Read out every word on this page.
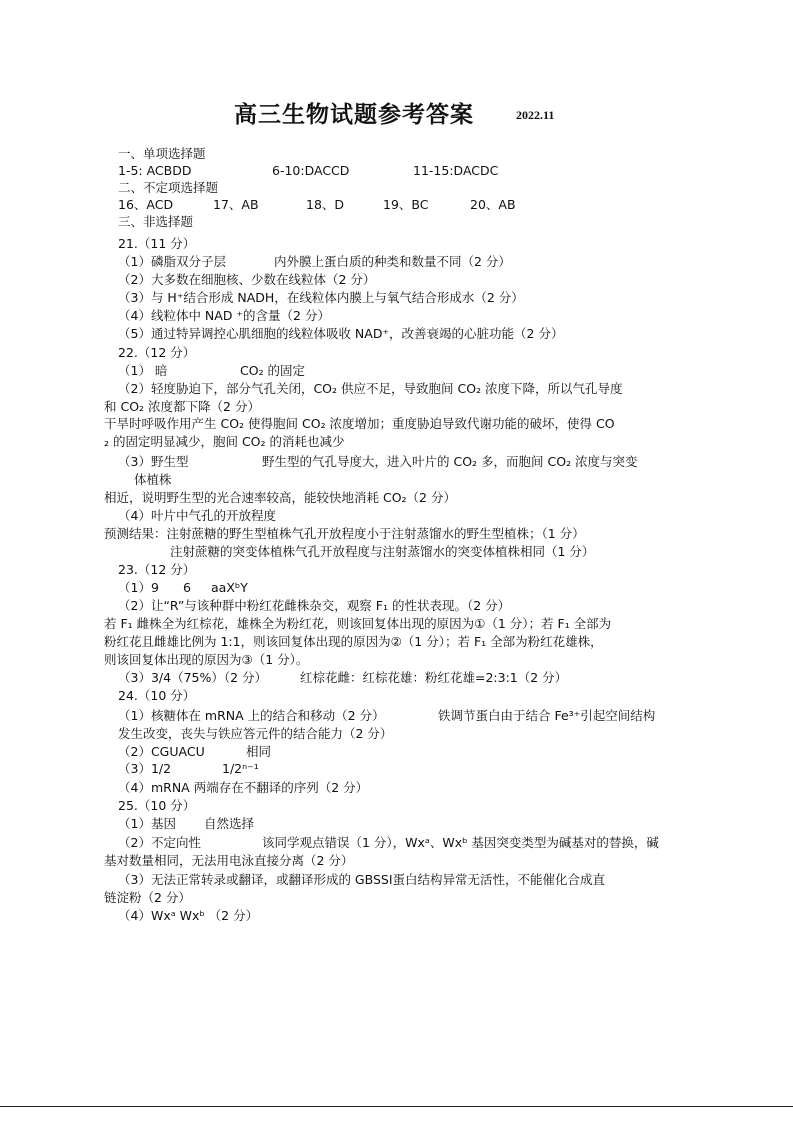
高三生物试题参考答案	2022.11
一、单项选择题
1-5: ACBDD	6-10:DACCD	11-15:DACDC
二、不定项选择题
16、ACD	17、AB	18、D	19、BC	20、AB
三、非选择题
21.（11 分）
（1）磷脂双分子层	内外膜上蛋白质的种类和数量不同（2 分）
（2）大多数在细胞核、少数在线粒体（2 分）
（3）与 H⁺结合形成 NADH，在线粒体内膜上与氧气结合形成水（2 分）
（4）线粒体中 NAD ⁺的含量（2 分）
（5）通过特异调控心肌细胞的线粒体吸收 NAD⁺，改善衰竭的心脏功能（2 分）
22.（12 分）
（1） 暗	CO₂ 的固定
（2）轻度胁迫下，部分气孔关闭，CO₂ 供应不足，导致胞间 CO₂ 浓度下降，所以气孔导度
和 CO₂ 浓度都下降（2 分）
干旱时呼吸作用产生 CO₂ 使得胞间 CO₂ 浓度增加；重度胁迫导致代谢功能的破坏，使得 CO
₂ 的固定明显减少，胞间 CO₂ 的消耗也减少
（3）野生型	野生型的气孔导度大，进入叶片的 CO₂ 多，而胞间 CO₂ 浓度与突变
体植株
相近，说明野生型的光合速率较高，能较快地消耗 CO₂（2 分）
（4）叶片中气孔的开放程度
预测结果：注射蔗糖的野生型植株气孔开放程度小于注射蒸馏水的野生型植株；（1 分）
注射蔗糖的突变体植株气孔开放程度与注射蒸馏水的突变体植株相同（1 分）
23.（12 分）
（1）9 6 aaXᵇY
（2）让“R”与该种群中粉红花雌株杂交，观察 F₁ 的性状表现。（2 分）
若 F₁ 雌株全为红棕花，雄株全为粉红花，则该回复体出现的原因为①（1 分）；若 F₁ 全部为
粉红花且雌雄比例为 1:1，则该回复体出现的原因为②（1 分）；若 F₁ 全部为粉红花雄株，
则该回复体出现的原因为③（1 分）。
（3）3/4（75%）（2 分）	红棕花雌：红棕花雄：粉红花雄=2:3:1（2 分）
24.（10 分）
（1）核糖体在 mRNA 上的结合和移动（2 分）	铁调节蛋白由于结合 Fe³⁺引起空间结构
发生改变，丧失与铁应答元件的结合能力（2 分）
（2）CGUACU	相同
（3）1/2	1/2ⁿ⁻¹
（4）mRNA 两端存在不翻译的序列（2 分）
25.（10 分）
（1）基因 自然选择
（2）不定向性	该同学观点错误（1 分），Wxᵃ、Wxᵇ 基因突变类型为碱基对的替换，碱
基对数量相同，无法用电泳直接分离（2 分）
（3）无法正常转录或翻译，或翻译形成的 GBSSⅠ蛋白结构异常无活性，不能催化合成直
链淀粉（2 分）
（4）Wxᵃ Wxᵇ （2 分）
